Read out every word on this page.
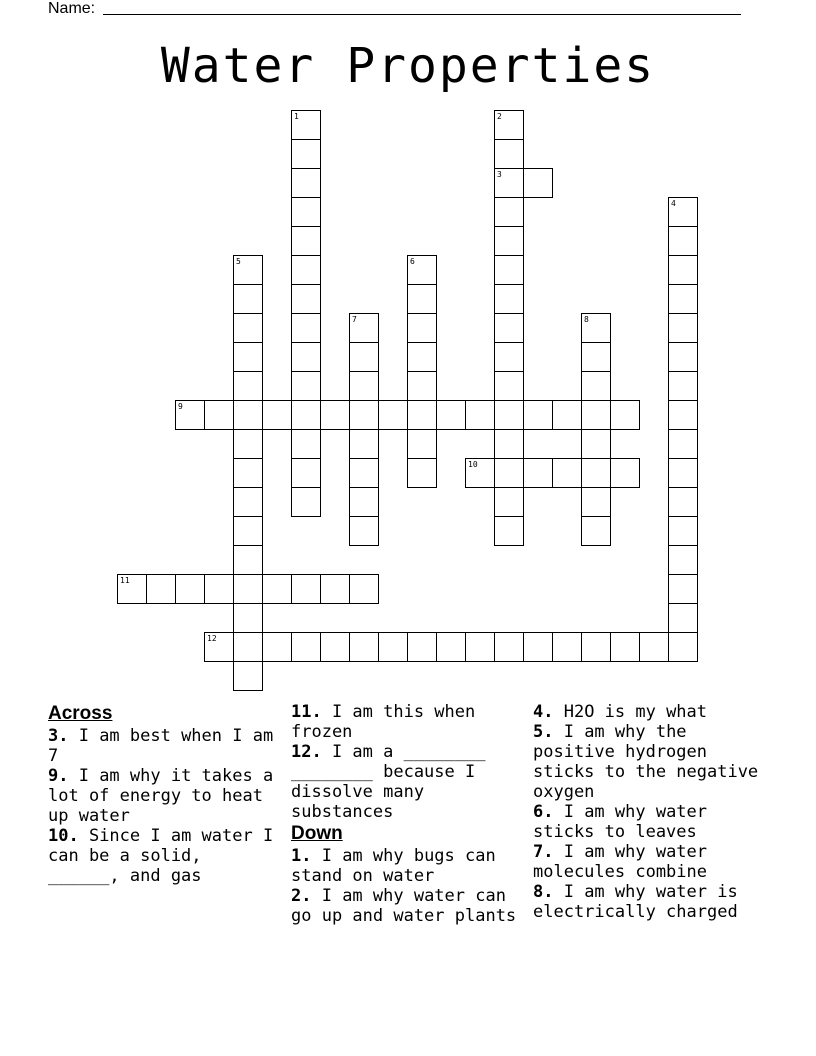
Name:
Water Properties
1	2
3
4
5	6
7	8
9
10
11
12
Across
3. I am best when I am 7
9. I am why it takes a lot of energy to heat up water
10. Since I am water I can be a solid, ______, and gas
11. I am this when frozen
12. I am a ________ ________ because I dissolve many substances
Down
1. I am why bugs can stand on water
2. I am why water can go up and water plants
4. H2O is my what
5. I am why the positive hydrogen sticks to the negative oxygen
6. I am why water sticks to leaves
7. I am why water molecules combine
8. I am why water is electrically charged
